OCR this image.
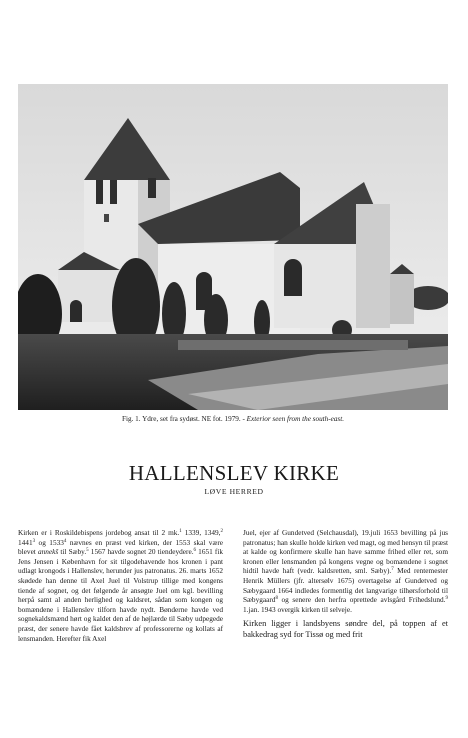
Fig. 1. Ydre, set fra sydøst. NE fot. 1979. - Exterior seen from the south-east.
HALLENSLEV KIRKE
LØVE HERRED

Kirken er i Roskildebispens jordebog ansat til 2 mk.$^1$ 1339, 1349,$^2$ 1441$^3$ og 1533$^4$ nævnes en præst ved kirken, der 1553 skal være blevet annekš til Sæby.$^5$ 1567 havde sognet 20 tiendeydere.$^6$ 1651 fik Jens Jensen i København for sit tilgodehavende hos kronen i pant udlagt krongods i Hallenslev, herunder jus patronatus. 26. marts 1652 skødede han denne til Axel Juel til Volstrup tillige med kongens tiende af sognet, og det følgende år ansøgte Juel om kgl. bevilling herpå samt al anden herlighed og kaldsret, sådan som kongen og bomændene i Hallenslev tilforn havde nydt. Bønderne havde ved sognekaldsmænd hørt og kaldet den af de højlærde til Sæby udpegede præst, der senere havde fået kaldsbrev af professorerne og kollats af lensmanden. Herefter fik Axel

Juel, ejer af Gundetved (Selchausdal), 19.juli 1653 bevilling på jus patronatus; han skulle holde kirken ved magt, og med hensyn til præst at kalde og konfirmere skulle han have samme frihed eller ret, som kronen eller lensmanden på kongens vegne og bomændene i sognet hidtil havde haft (vedr. kaldsretten, sml. Sæby).$^7$ Med rentemester Henrik Müllers (jfr. altersølv 1675) overtagelse af Gundetved og Sæbygaard 1664 indledes formentlig det langvarige tilhørsforhold til Sæbygaard$^8$ og senere den herfra oprettede avlsgård Frihedslund.$^9$ 1.jan. 1943 overgik kirken til selveje.

Kirken ligger i landsbyens søndre del, på toppen af et bakkedrag syd for Tissø og med frit
